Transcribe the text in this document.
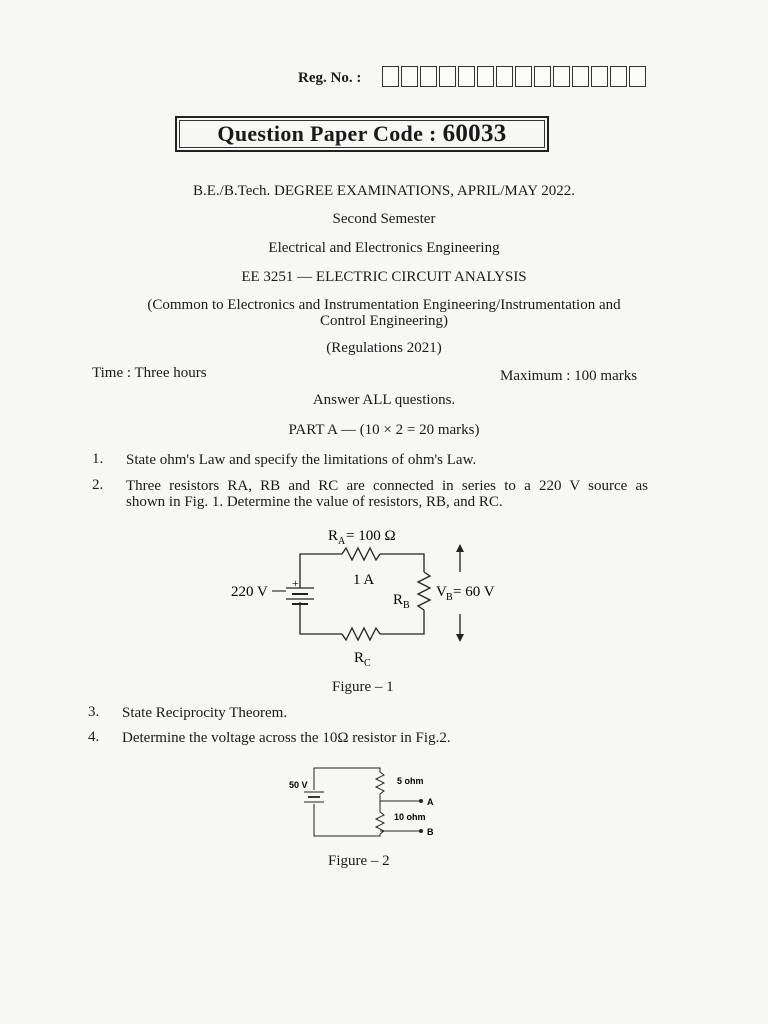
Reg. No. :
Question Paper Code : 60033
B.E./B.Tech. DEGREE EXAMINATIONS, APRIL/MAY 2022.
Second Semester
Electrical and Electronics Engineering
EE 3251 — ELECTRIC CIRCUIT ANALYSIS
(Common to Electronics and Instrumentation Engineering/Instrumentation and
Control Engineering)
(Regulations 2021)
Time : Three hours	Maximum : 100 marks
Answer ALL questions.
PART A — (10 × 2 = 20 marks)
1. State ohm's Law and specify the limitations of ohm's Law.
2. Three resistors RA, RB and RC are connected in series to a 220 V source as
shown in Fig. 1. Determine the value of resistors, RB, and RC.
R A = 100 Ω
+
220 V
1 A
R B
V B = 60 V
R C
Figure – 1
3. State Reciprocity Theorem.
4. Determine the voltage across the 10Ω resistor in Fig.2.
50 V	5 ohm
A
10 ohm
B
Figure – 2
